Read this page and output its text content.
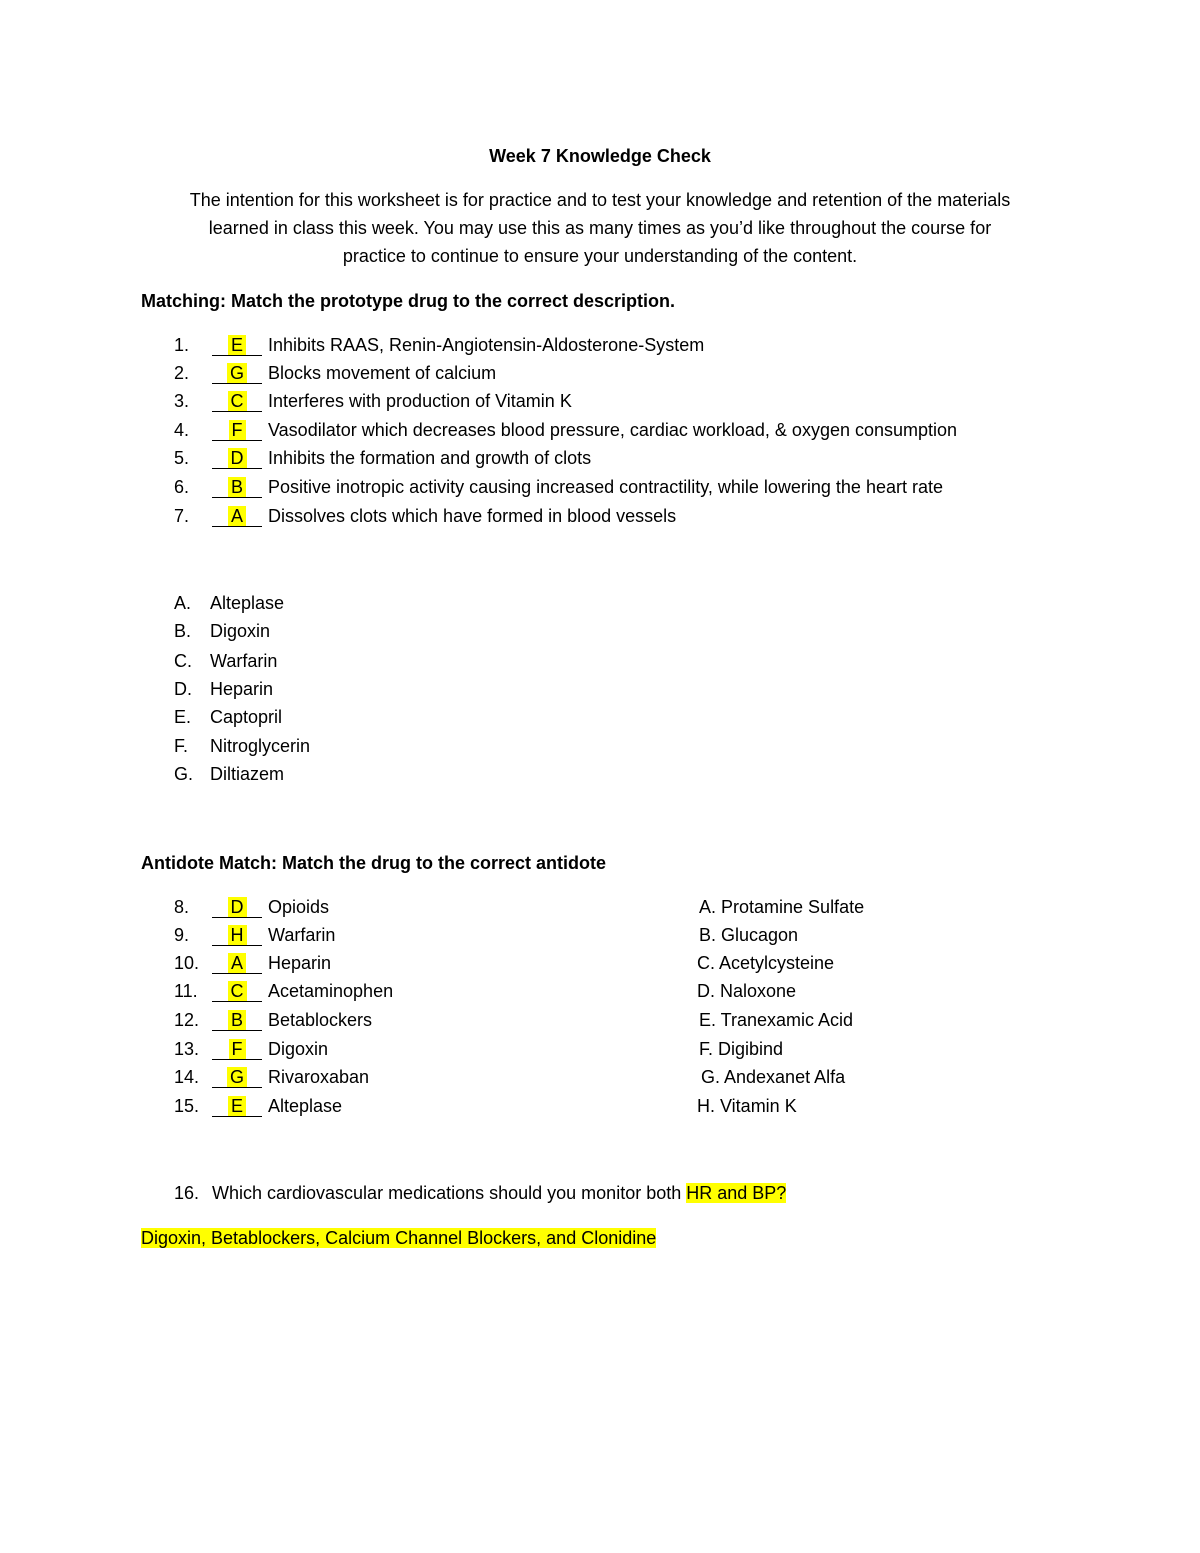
Week 7 Knowledge Check
The intention for this worksheet is for practice and to test your knowledge and retention of the materials
learned in class this week. You may use this as many times as you’d like throughout the course for
practice to continue to ensure your understanding of the content.
Matching: Match the prototype drug to the correct description.
1. E Inhibits RAAS, Renin-Angiotensin-Aldosterone-System
2. G Blocks movement of calcium
3. C Interferes with production of Vitamin K
4. F Vasodilator which decreases blood pressure, cardiac workload, & oxygen consumption
5. D Inhibits the formation and growth of clots
6. B Positive inotropic activity causing increased contractility, while lowering the heart rate
7. A Dissolves clots which have formed in blood vessels
A. Alteplase
B. Digoxin
C. Warfarin
D. Heparin
E. Captopril
F. Nitroglycerin
G. Diltiazem
Antidote Match: Match the drug to the correct antidote
8. D Opioids
9. H Warfarin
10. A Heparin
11. C Acetaminophen
12. B Betablockers
13. F Digoxin
14. G Rivaroxaban
15. E Alteplase
A. Protamine Sulfate
B. Glucagon
C. Acetylcysteine
D. Naloxone
E. Tranexamic Acid
F. Digibind
G. Andexanet Alfa
H. Vitamin K
16. Which cardiovascular medications should you monitor both HR and BP?
Digoxin, Betablockers, Calcium Channel Blockers, and Clonidine
